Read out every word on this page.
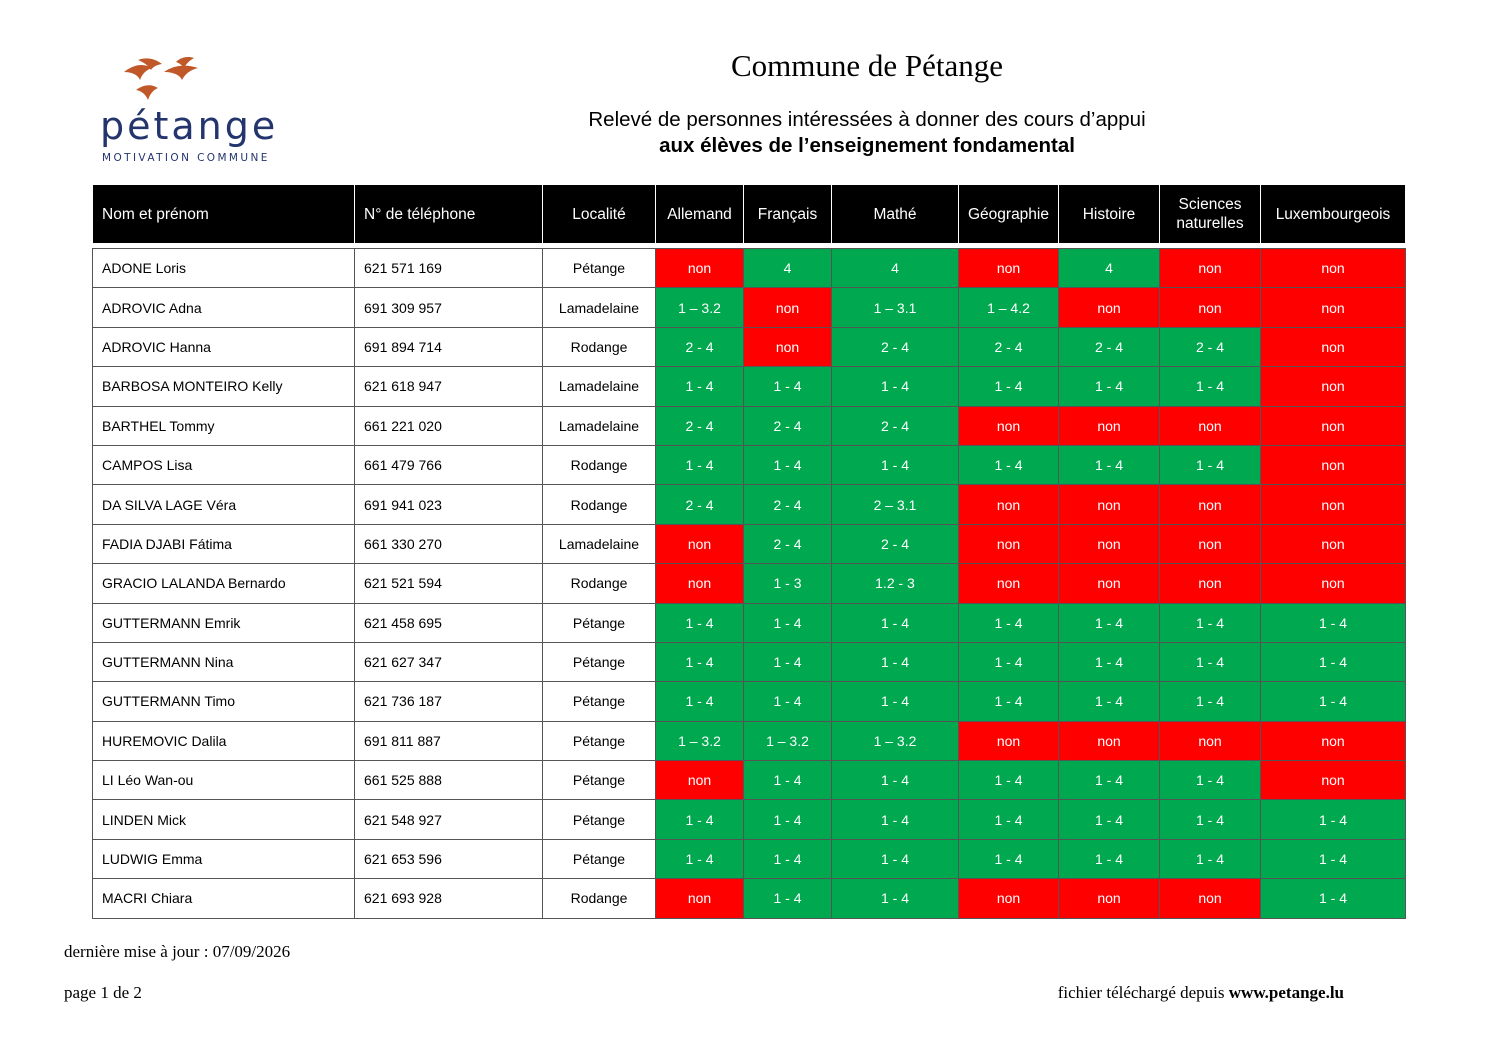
pétange
MOTIVATION COMMUNE
Commune de Pétange
Relevé de personnes intéressées à donner des cours d’appui
aux élèves de l’enseignement fondamental
Nom et prénom	N° de téléphone	Localité	Allemand	Français	Mathé	Géographie	Histoire	Sciences naturelles	Luxembourgeois

ADONE Loris	621 571 169	Pétange	non	4	4	non	4	non	non
ADROVIC Adna	691 309 957	Lamadelaine	1 – 3.2	non	1 – 3.1	1 – 4.2	non	non	non
ADROVIC Hanna	691 894 714	Rodange	2 - 4	non	2 - 4	2 - 4	2 - 4	2 - 4	non
BARBOSA MONTEIRO Kelly	621 618 947	Lamadelaine	1 - 4	1 - 4	1 - 4	1 - 4	1 - 4	1 - 4	non
BARTHEL Tommy	661 221 020	Lamadelaine	2 - 4	2 - 4	2 - 4	non	non	non	non
CAMPOS Lisa	661 479 766	Rodange	1 - 4	1 - 4	1 - 4	1 - 4	1 - 4	1 - 4	non
DA SILVA LAGE Véra	691 941 023	Rodange	2 - 4	2 - 4	2 – 3.1	non	non	non	non
FADIA DJABI Fátima	661 330 270	Lamadelaine	non	2 - 4	2 - 4	non	non	non	non
GRACIO LALANDA Bernardo	621 521 594	Rodange	non	1 - 3	1.2 - 3	non	non	non	non
GUTTERMANN Emrik	621 458 695	Pétange	1 - 4	1 - 4	1 - 4	1 - 4	1 - 4	1 - 4	1 - 4
GUTTERMANN Nina	621 627 347	Pétange	1 - 4	1 - 4	1 - 4	1 - 4	1 - 4	1 - 4	1 - 4
GUTTERMANN Timo	621 736 187	Pétange	1 - 4	1 - 4	1 - 4	1 - 4	1 - 4	1 - 4	1 - 4
HUREMOVIC Dalila	691 811 887	Pétange	1 – 3.2	1 – 3.2	1 – 3.2	non	non	non	non
LI Léo Wan-ou	661 525 888	Pétange	non	1 - 4	1 - 4	1 - 4	1 - 4	1 - 4	non
LINDEN Mick	621 548 927	Pétange	1 - 4	1 - 4	1 - 4	1 - 4	1 - 4	1 - 4	1 - 4
LUDWIG Emma	621 653 596	Pétange	1 - 4	1 - 4	1 - 4	1 - 4	1 - 4	1 - 4	1 - 4
MACRI Chiara	621 693 928	Rodange	non	1 - 4	1 - 4	non	non	non	1 - 4
dernière mise à jour : 07/09/2026
page 1 de 2	fichier téléchargé depuis www.petange.lu
